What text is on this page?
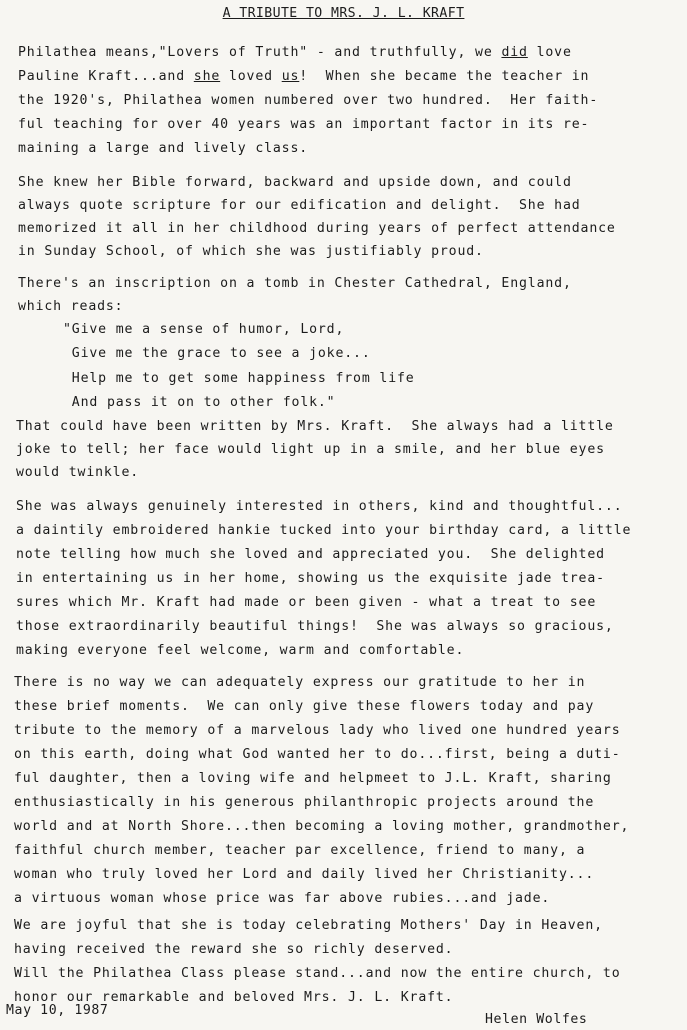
A TRIBUTE TO MRS. J. L. KRAFT
Philathea means,"Lovers of Truth" - and truthfully, we did love
Pauline Kraft...and she loved us!  When she became the teacher in
the 1920's, Philathea women numbered over two hundred.  Her faith-
ful teaching for over 40 years was an important factor in its re-
maining a large and lively class.
She knew her Bible forward, backward and upside down, and could
always quote scripture for our edification and delight.  She had
memorized it all in her childhood during years of perfect attendance
in Sunday School, of which she was justifiably proud.
There's an inscription on a tomb in Chester Cathedral, England,
which reads:
"Give me a sense of humor, Lord,
Give me the grace to see a joke...
Help me to get some happiness from life
And pass it on to other folk."
That could have been written by Mrs. Kraft.  She always had a little
joke to tell; her face would light up in a smile, and her blue eyes
would twinkle.
She was always genuinely interested in others, kind and thoughtful...
a daintily embroidered hankie tucked into your birthday card, a little
note telling how much she loved and appreciated you.  She delighted
in entertaining us in her home, showing us the exquisite jade trea-
sures which Mr. Kraft had made or been given - what a treat to see
those extraordinarily beautiful things!  She was always so gracious,
making everyone feel welcome, warm and comfortable.
There is no way we can adequately express our gratitude to her in
these brief moments.  We can only give these flowers today and pay
tribute to the memory of a marvelous lady who lived one hundred years
on this earth, doing what God wanted her to do...first, being a duti-
ful daughter, then a loving wife and helpmeet to J.L. Kraft, sharing
enthusiastically in his generous philanthropic projects around the
world and at North Shore...then becoming a loving mother, grandmother,
faithful church member, teacher par excellence, friend to many, a
woman who truly loved her Lord and daily lived her Christianity...
a virtuous woman whose price was far above rubies...and jade.
We are joyful that she is today celebrating Mothers' Day in Heaven,
having received the reward she so richly deserved.
Will the Philathea Class please stand...and now the entire church, to
honor our remarkable and beloved Mrs. J. L. Kraft.
May 10, 1987
Helen Wolfes
